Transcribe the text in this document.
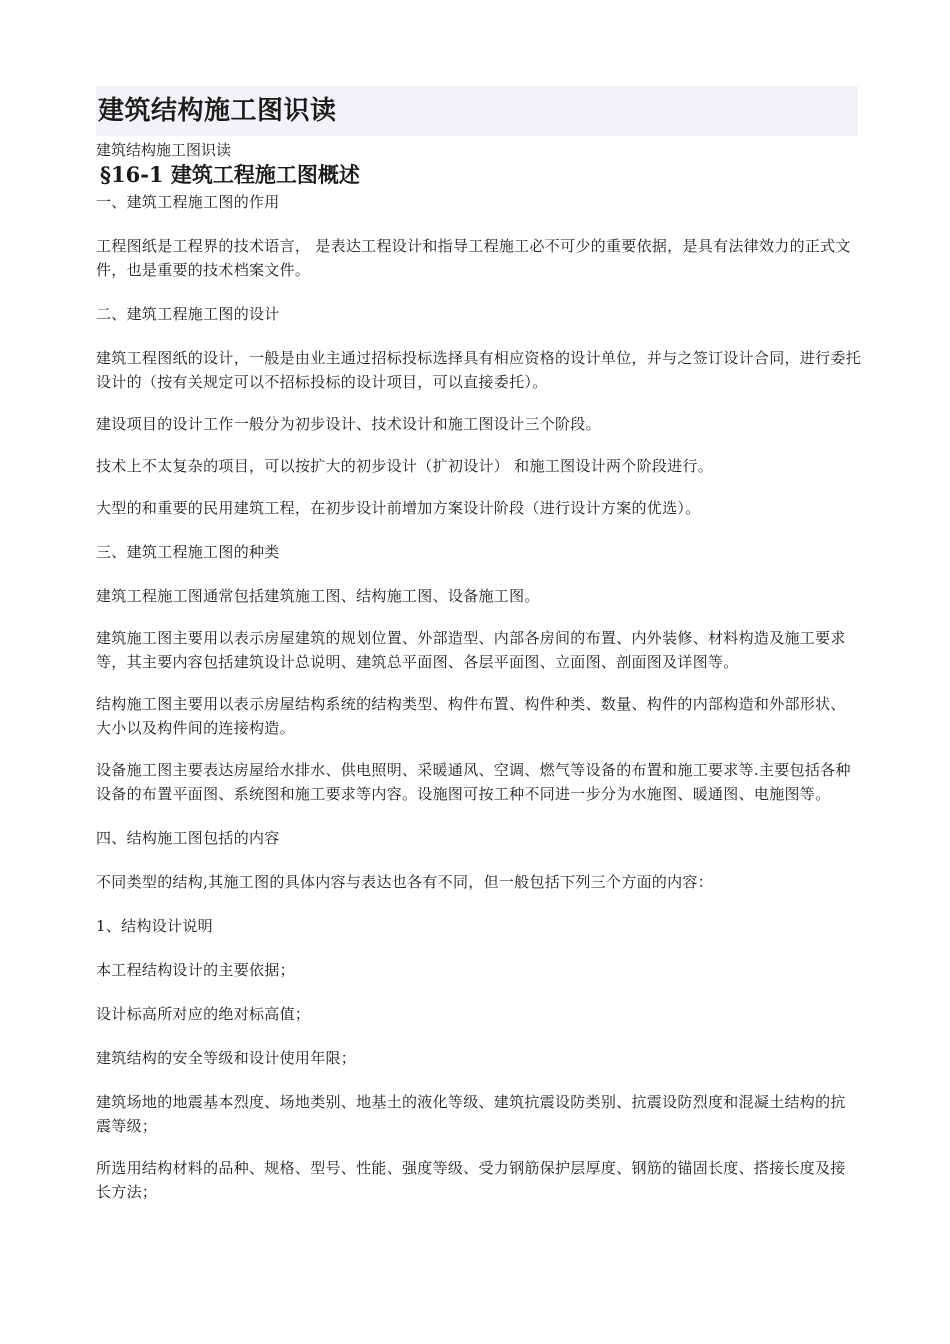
建筑结构施工图识读
建筑结构施工图识读
§16-1 建筑工程施工图概述

一、建筑工程施工图的作用

工程图纸是工程界的技术语言， 是表达工程设计和指导工程施工必不可少的重要依据，是具有法律效力的正式文件，也是重要的技术档案文件。

二、建筑工程施工图的设计

建筑工程图纸的设计，一般是由业主通过招标投标选择具有相应资格的设计单位，并与之签订设计合同，进行委托设计的（按有关规定可以不招标投标的设计项目，可以直接委托）。

建设项目的设计工作一般分为初步设计、技术设计和施工图设计三个阶段。

技术上不太复杂的项目，可以按扩大的初步设计（扩初设计） 和施工图设计两个阶段进行。

大型的和重要的民用建筑工程，在初步设计前增加方案设计阶段（进行设计方案的优选）。

三、建筑工程施工图的种类

建筑工程施工图通常包括建筑施工图、结构施工图、设备施工图。

建筑施工图主要用以表示房屋建筑的规划位置、外部造型、内部各房间的布置、内外装修、材料构造及施工要求等，其主要内容包括建筑设计总说明、建筑总平面图、各层平面图、立面图、剖面图及详图等。

结构施工图主要用以表示房屋结构系统的结构类型、构件布置、构件种类、数量、构件的内部构造和外部形状、大小以及构件间的连接构造。

设备施工图主要表达房屋给水排水、供电照明、采暖通风、空调、燃气等设备的布置和施工要求等.主要包括各种设备的布置平面图、系统图和施工要求等内容。设施图可按工种不同进一步分为水施图、暖通图、电施图等。

四、结构施工图包括的内容

不同类型的结构,其施工图的具体内容与表达也各有不同，但一般包括下列三个方面的内容：

1、结构设计说明

本工程结构设计的主要依据；

设计标高所对应的绝对标高值；

建筑结构的安全等级和设计使用年限；

建筑场地的地震基本烈度、场地类别、地基土的液化等级、建筑抗震设防类别、抗震设防烈度和混凝土结构的抗震等级；

所选用结构材料的品种、规格、型号、性能、强度等级、受力钢筋保护层厚度、钢筋的锚固长度、搭接长度及接长方法；
